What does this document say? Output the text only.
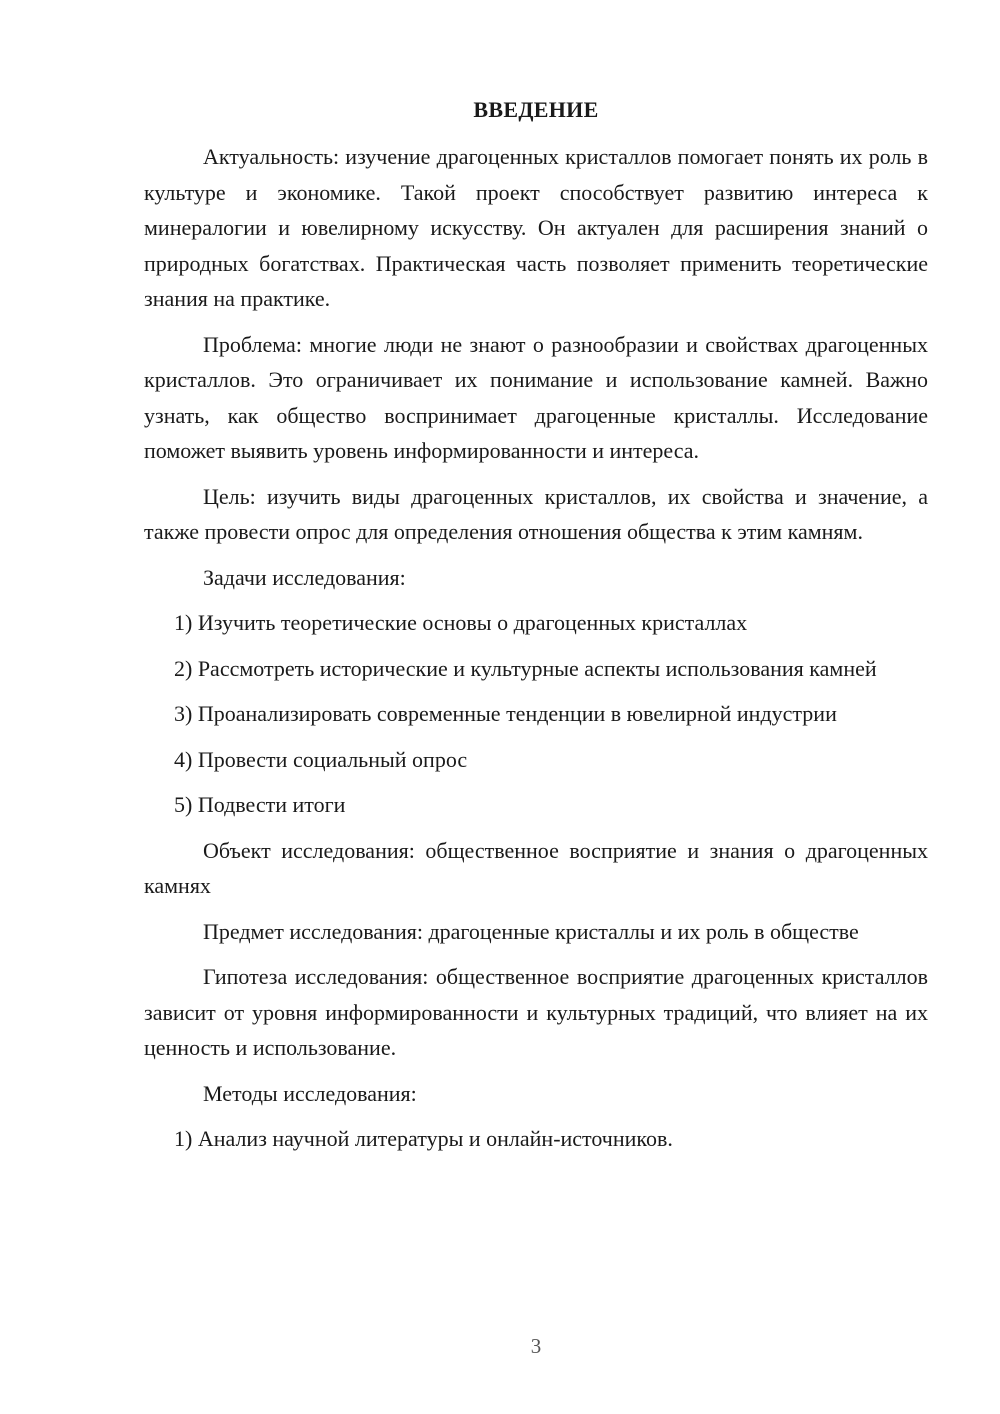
ВВЕДЕНИЕ

Актуальность: изучение драгоценных кристаллов помогает понять их роль в культуре и экономике. Такой проект способствует развитию интереса к минералогии и ювелирному искусству. Он актуален для расширения знаний о природных богатствах. Практическая часть позволяет применить теоретические знания на практике.

Проблема: многие люди не знают о разнообразии и свойствах драгоценных кристаллов. Это ограничивает их понимание и использование камней. Важно узнать, как общество воспринимает драгоценные кристаллы. Исследование поможет выявить уровень информированности и интереса.

Цель: изучить виды драгоценных кристаллов, их свойства и значение, а также провести опрос для определения отношения общества к этим камням.

Задачи исследования:

1) Изучить теоретические основы о драгоценных кристаллах

2) Рассмотреть исторические и культурные аспекты использования камней

3) Проанализировать современные тенденции в ювелирной индустрии

4) Провести социальный опрос

5) Подвести итоги

Объект исследования: общественное восприятие и знания о драгоценных камнях

Предмет исследования: драгоценные кристаллы и их роль в обществе

Гипотеза исследования: общественное восприятие драгоценных кристаллов зависит от уровня информированности и культурных традиций, что влияет на их ценность и использование.

Методы исследования:

1) Анализ научной литературы и онлайн-источников.

3
